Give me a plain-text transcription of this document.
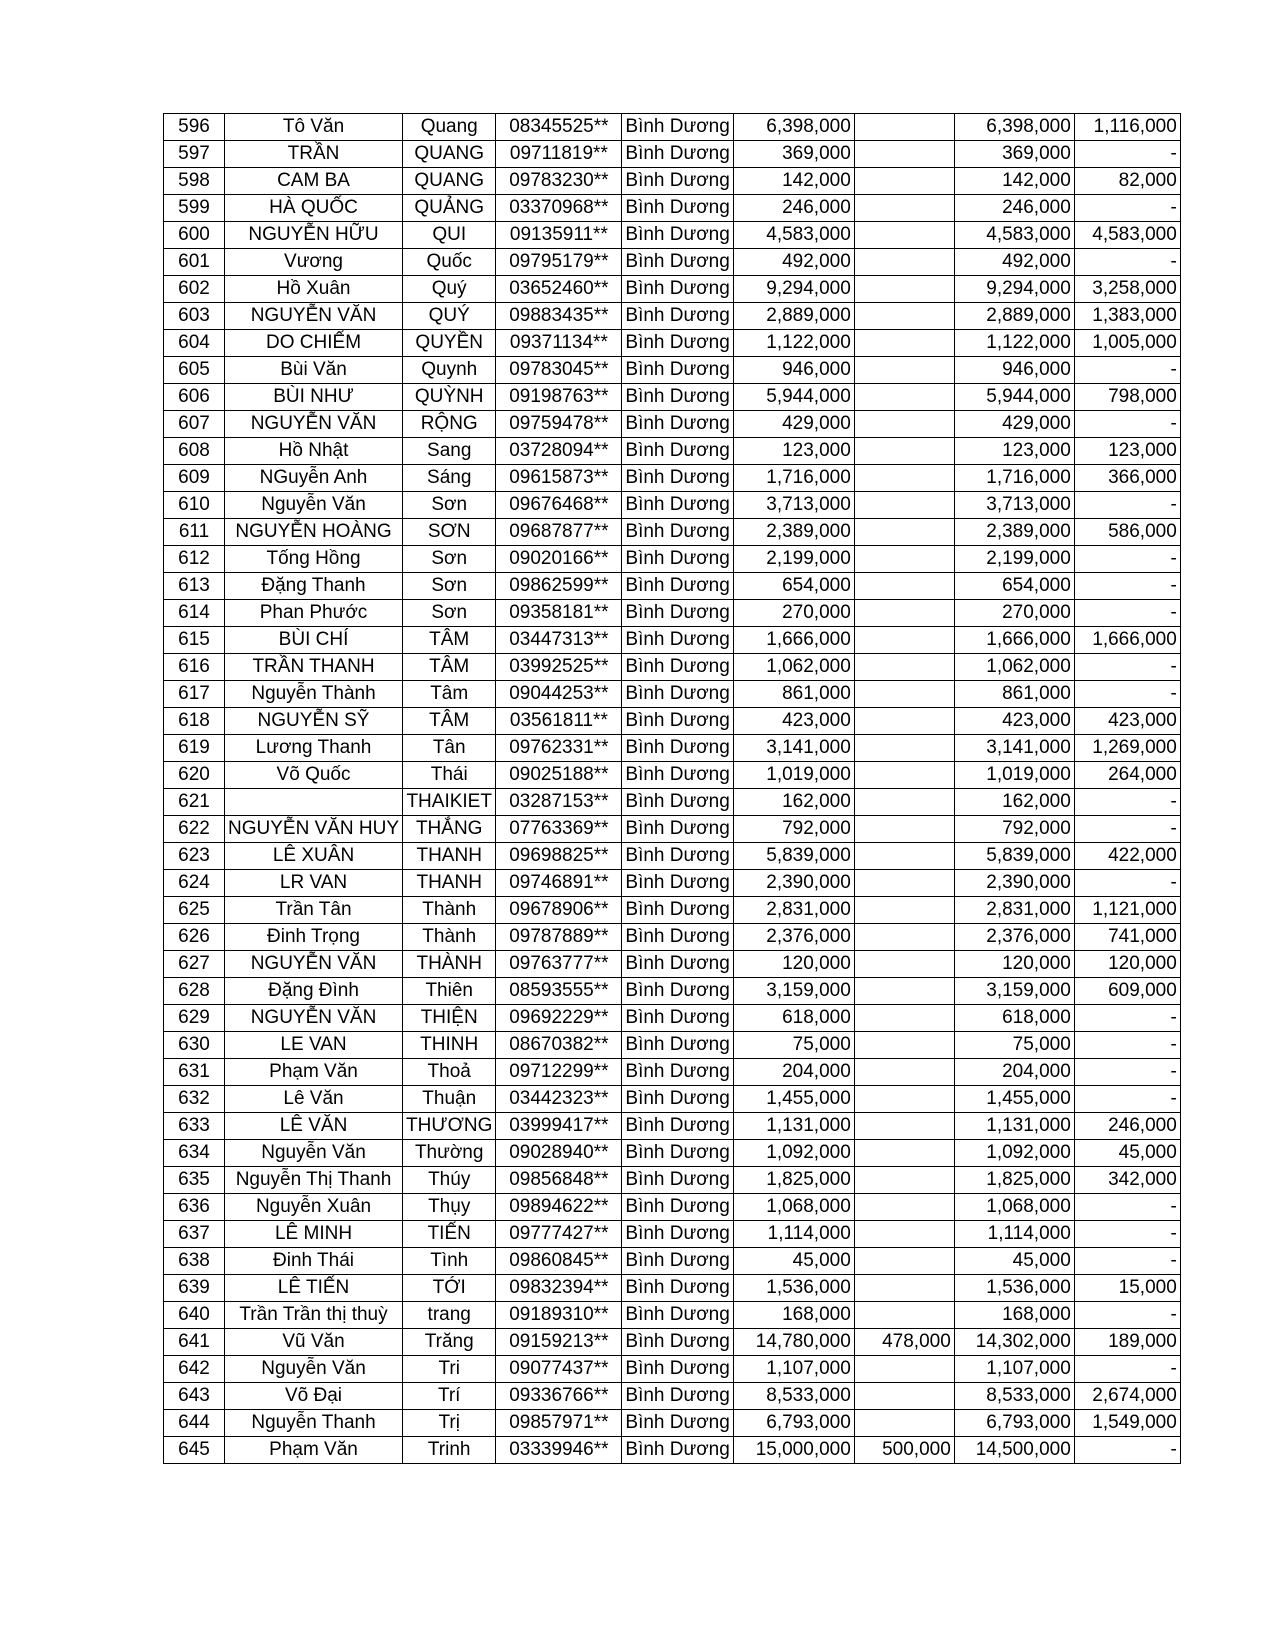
596	Tô Văn	Quang	08345525**	Bình Dương	6,398,000		6,398,000	1,116,000
597	TRẦN	QUANG	09711819**	Bình Dương	369,000		369,000	-
598	CAM BA	QUANG	09783230**	Bình Dương	142,000		142,000	82,000
599	HÀ QUỐC	QUẢNG	03370968**	Bình Dương	246,000		246,000	-
600	NGUYỄN HỮU	QUI	09135911**	Bình Dương	4,583,000		4,583,000	4,583,000
601	Vương	Quốc	09795179**	Bình Dương	492,000		492,000	-
602	Hồ Xuân	Quý	03652460**	Bình Dương	9,294,000		9,294,000	3,258,000
603	NGUYỄN VĂN	QUÝ	09883435**	Bình Dương	2,889,000		2,889,000	1,383,000
604	DO CHIẾM	QUYỀN	09371134**	Bình Dương	1,122,000		1,122,000	1,005,000
605	Bùi Văn	Quynh	09783045**	Bình Dương	946,000		946,000	-
606	BÙI NHƯ	QUỲNH	09198763**	Bình Dương	5,944,000		5,944,000	798,000
607	NGUYỄN VĂN	RỘNG	09759478**	Bình Dương	429,000		429,000	-
608	Hồ Nhật	Sang	03728094**	Bình Dương	123,000		123,000	123,000
609	NGuyễn Anh	Sáng	09615873**	Bình Dương	1,716,000		1,716,000	366,000
610	Nguyễn Văn	Sơn	09676468**	Bình Dương	3,713,000		3,713,000	-
611	NGUYỄN HOÀNG	SƠN	09687877**	Bình Dương	2,389,000		2,389,000	586,000
612	Tống Hồng	Sơn	09020166**	Bình Dương	2,199,000		2,199,000	-
613	Đặng Thanh	Sơn	09862599**	Bình Dương	654,000		654,000	-
614	Phan Phước	Sơn	09358181**	Bình Dương	270,000		270,000	-
615	BÙI CHÍ	TÂM	03447313**	Bình Dương	1,666,000		1,666,000	1,666,000
616	TRẦN THANH	TÂM	03992525**	Bình Dương	1,062,000		1,062,000	-
617	Nguyễn Thành	Tâm	09044253**	Bình Dương	861,000		861,000	-
618	NGUYỄN SỸ	TÂM	03561811**	Bình Dương	423,000		423,000	423,000
619	Lương Thanh	Tân	09762331**	Bình Dương	3,141,000		3,141,000	1,269,000
620	Võ Quốc	Thái	09025188**	Bình Dương	1,019,000		1,019,000	264,000
621		THAIKIET	03287153**	Bình Dương	162,000		162,000	-
622	NGUYỄN VĂN HUY	THẮNG	07763369**	Bình Dương	792,000		792,000	-
623	LÊ XUÂN	THANH	09698825**	Bình Dương	5,839,000		5,839,000	422,000
624	LR VAN	THANH	09746891**	Bình Dương	2,390,000		2,390,000	-
625	Trần Tân	Thành	09678906**	Bình Dương	2,831,000		2,831,000	1,121,000
626	Đinh Trọng	Thành	09787889**	Bình Dương	2,376,000		2,376,000	741,000
627	NGUYỄN VĂN	THÀNH	09763777**	Bình Dương	120,000		120,000	120,000
628	Đặng Đình	Thiên	08593555**	Bình Dương	3,159,000		3,159,000	609,000
629	NGUYỄN VĂN	THIỆN	09692229**	Bình Dương	618,000		618,000	-
630	LE VAN	THINH	08670382**	Bình Dương	75,000		75,000	-
631	Phạm Văn	Thoả	09712299**	Bình Dương	204,000		204,000	-
632	Lê Văn	Thuận	03442323**	Bình Dương	1,455,000		1,455,000	-
633	LÊ VĂN	THƯƠNG	03999417**	Bình Dương	1,131,000		1,131,000	246,000
634	Nguyễn Văn	Thường	09028940**	Bình Dương	1,092,000		1,092,000	45,000
635	Nguyễn Thị Thanh	Thúy	09856848**	Bình Dương	1,825,000		1,825,000	342,000
636	Nguyễn Xuân	Thụy	09894622**	Bình Dương	1,068,000		1,068,000	-
637	LÊ MINH	TIẾN	09777427**	Bình Dương	1,114,000		1,114,000	-
638	Đinh Thái	Tình	09860845**	Bình Dương	45,000		45,000	-
639	LÊ TIẾN	TỚI	09832394**	Bình Dương	1,536,000		1,536,000	15,000
640	Trần Trần thị thuỳ	trang	09189310**	Bình Dương	168,000		168,000	-
641	Vũ Văn	Trăng	09159213**	Bình Dương	14,780,000	478,000	14,302,000	189,000
642	Nguyễn Văn	Tri	09077437**	Bình Dương	1,107,000		1,107,000	-
643	Võ Đại	Trí	09336766**	Bình Dương	8,533,000		8,533,000	2,674,000
644	Nguyễn Thanh	Trị	09857971**	Bình Dương	6,793,000		6,793,000	1,549,000
645	Phạm Văn	Trinh	03339946**	Bình Dương	15,000,000	500,000	14,500,000	-
